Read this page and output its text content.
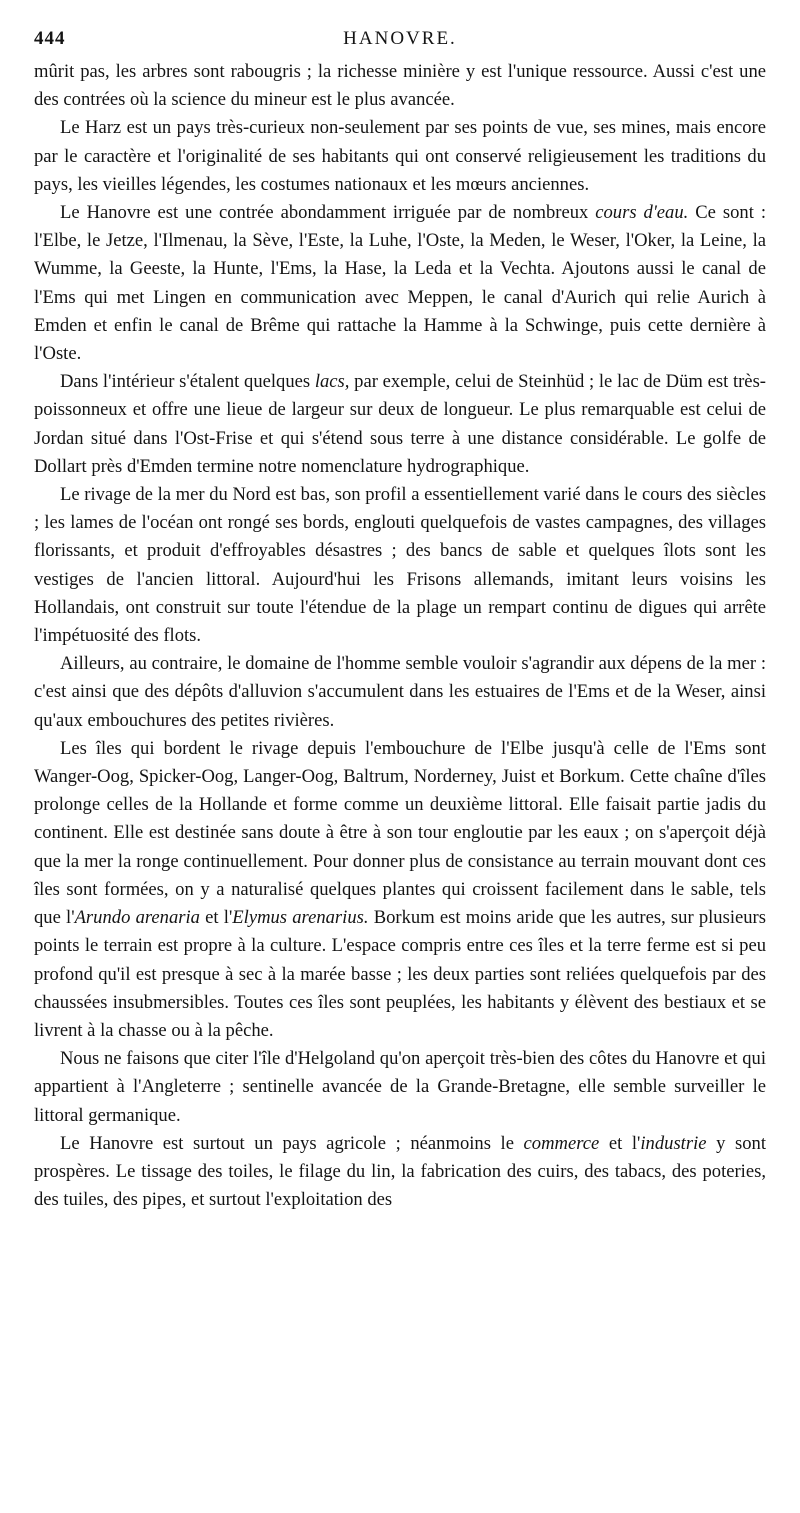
444	HANOVRE.

mûrit pas, les arbres sont rabougris ; la richesse minière y est l'unique ressource. Aussi c'est une des contrées où la science du mineur est le plus avancée.

Le Harz est un pays très-curieux non-seulement par ses points de vue, ses mines, mais encore par le caractère et l'originalité de ses habitants qui ont conservé religieusement les traditions du pays, les vieilles légendes, les costumes nationaux et les mœurs anciennes.

Le Hanovre est une contrée abondamment irriguée par de nombreux cours d'eau. Ce sont : l'Elbe, le Jetze, l'Ilmenau, la Sève, l'Este, la Luhe, l'Oste, la Meden, le Weser, l'Oker, la Leine, la Wumme, la Geeste, la Hunte, l'Ems, la Hase, la Leda et la Vechta. Ajoutons aussi le canal de l'Ems qui met Lingen en communication avec Meppen, le canal d'Aurich qui relie Aurich à Emden et enfin le canal de Brême qui rattache la Hamme à la Schwinge, puis cette dernière à l'Oste.

Dans l'intérieur s'étalent quelques lacs, par exemple, celui de Steinhüd ; le lac de Düm est très-poissonneux et offre une lieue de largeur sur deux de longueur. Le plus remarquable est celui de Jordan situé dans l'Ost-Frise et qui s'étend sous terre à une distance considérable. Le golfe de Dollart près d'Emden termine notre nomenclature hydrographique.

Le rivage de la mer du Nord est bas, son profil a essentiellement varié dans le cours des siècles ; les lames de l'océan ont rongé ses bords, englouti quelquefois de vastes campagnes, des villages florissants, et produit d'effroyables désastres ; des bancs de sable et quelques îlots sont les vestiges de l'ancien littoral. Aujourd'hui les Frisons allemands, imitant leurs voisins les Hollandais, ont construit sur toute l'étendue de la plage un rempart continu de digues qui arrête l'impétuosité des flots.

Ailleurs, au contraire, le domaine de l'homme semble vouloir s'agrandir aux dépens de la mer : c'est ainsi que des dépôts d'alluvion s'accumulent dans les estuaires de l'Ems et de la Weser, ainsi qu'aux embouchures des petites rivières.

Les îles qui bordent le rivage depuis l'embouchure de l'Elbe jusqu'à celle de l'Ems sont Wanger-Oog, Spicker-Oog, Langer-Oog, Baltrum, Norderney, Juist et Borkum. Cette chaîne d'îles prolonge celles de la Hollande et forme comme un deuxième littoral. Elle faisait partie jadis du continent. Elle est destinée sans doute à être à son tour engloutie par les eaux ; on s'aperçoit déjà que la mer la ronge continuellement. Pour donner plus de consistance au terrain mouvant dont ces îles sont formées, on y a naturalisé quelques plantes qui croissent facilement dans le sable, tels que l'Arundo arenaria et l'Elymus arenarius. Borkum est moins aride que les autres, sur plusieurs points le terrain est propre à la culture. L'espace compris entre ces îles et la terre ferme est si peu profond qu'il est presque à sec à la marée basse ; les deux parties sont reliées quelquefois par des chaussées insubmersibles. Toutes ces îles sont peuplées, les habitants y élèvent des bestiaux et se livrent à la chasse ou à la pêche.

Nous ne faisons que citer l'île d'Helgoland qu'on aperçoit très-bien des côtes du Hanovre et qui appartient à l'Angleterre ; sentinelle avancée de la Grande-Bretagne, elle semble surveiller le littoral germanique.

Le Hanovre est surtout un pays agricole ; néanmoins le commerce et l'industrie y sont prospères. Le tissage des toiles, le filage du lin, la fabrication des cuirs, des tabacs, des poteries, des tuiles, des pipes, et surtout l'exploitation des
